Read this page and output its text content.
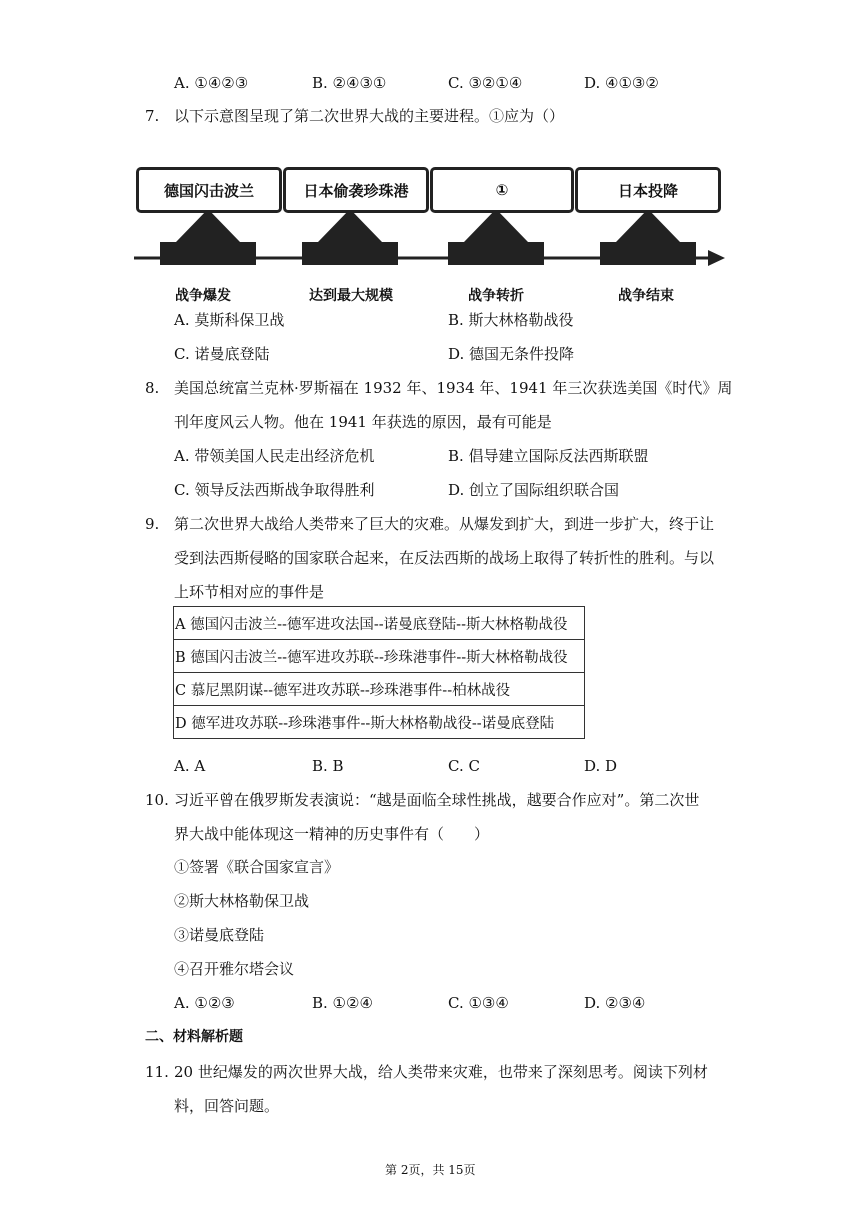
A. ①④②③	B. ②④③①	C. ③②①④	D. ④①③②
7. 以下示意图呈现了第二次世界大战的主要进程。①应为（）
德国闪击波兰	日本偷袭珍珠港	①	日本投降
战争爆发	达到最大规模	战争转折	战争结束
A. 莫斯科保卫战	B. 斯大林格勒战役
C. 诺曼底登陆	D. 德国无条件投降
8. 美国总统富兰克林·罗斯福在 1932 年、1934 年、1941 年三次获选美国《时代》周
刊年度风云人物。他在 1941 年获选的原因，最有可能是
A. 带领美国人民走出经济危机	B. 倡导建立国际反法西斯联盟
C. 领导反法西斯战争取得胜利	D. 创立了国际组织联合国
9. 第二次世界大战给人类带来了巨大的灾难。从爆发到扩大，到进一步扩大，终于让
受到法西斯侵略的国家联合起来，在反法西斯的战场上取得了转折性的胜利。与以
上环节相对应的事件是
A 德国闪击波兰--德军进攻法国--诺曼底登陆--斯大林格勒战役
B 德国闪击波兰--德军进攻苏联--珍珠港事件--斯大林格勒战役
C 慕尼黑阴谋--德军进攻苏联--珍珠港事件--柏林战役
D 德军进攻苏联--珍珠港事件--斯大林格勒战役--诺曼底登陆
A. A	B. B	C. C	D. D
10. 习近平曾在俄罗斯发表演说：“越是面临全球性挑战，越要合作应对”。第二次世
界大战中能体现这一精神的历史事件有（　　）
①签署《联合国家宣言》
②斯大林格勒保卫战
③诺曼底登陆
④召开雅尔塔会议
A. ①②③	B. ①②④	C. ①③④	D. ②③④
二、材料解析题
11. 20 世纪爆发的两次世界大战，给人类带来灾难，也带来了深刻思考。阅读下列材
料，回答问题。
第 2页，共 15页
